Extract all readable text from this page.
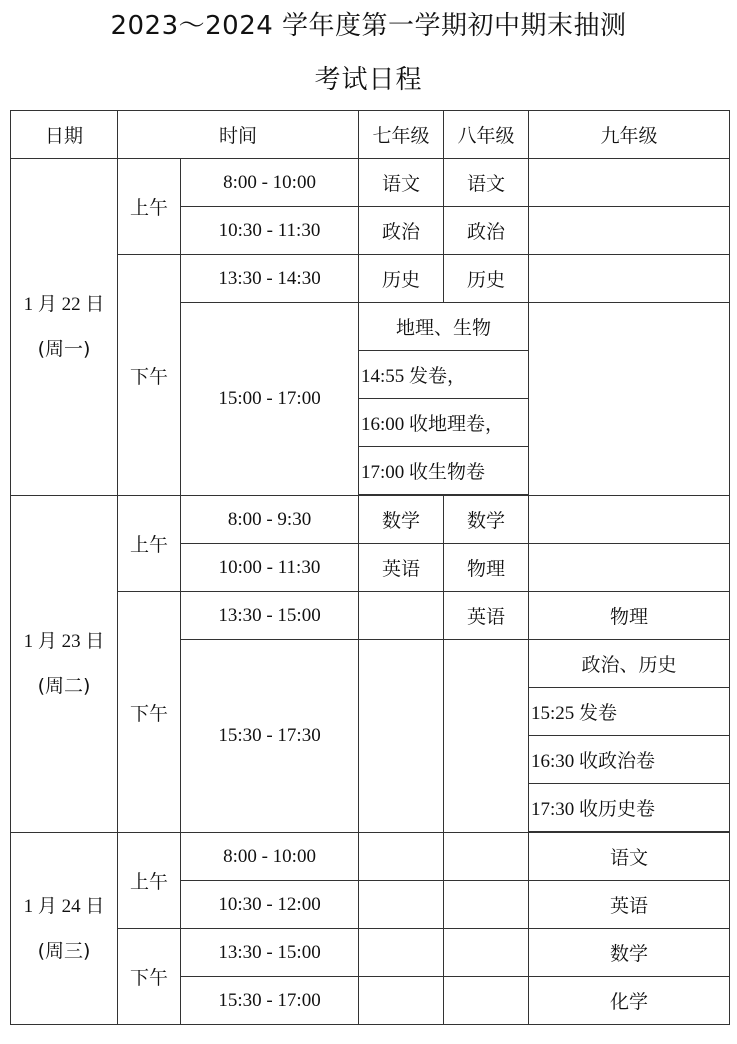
2023～2024 学年度第一学期初中期末抽测
考试日程
日期	时间		七年级	八年级	九年级

1 月 22 日
(周一)	上午	8:00 - 10:00	语文	语文	
		10:30 - 11:30	政治	政治	
	下午	13:30 - 14:30	历史	历史	
		15:00 - 17:00	地理、生物		
			14:55 发卷，		
			16:00 收地理卷，		
			17:00 收生物卷		

1 月 23 日
(周二)	上午	8:00 - 9:30	数学	数学	
		10:00 - 11:30	英语	物理	
	下午	13:30 - 15:00		英语	物理
		15:30 - 17:30			政治、历史
					15:25 发卷
					16:30 收政治卷
					17:30 收历史卷

1 月 24 日
(周三)	上午	8:00 - 10:00			语文
		10:30 - 12:00			英语
	下午	13:30 - 15:00			数学
		15:30 - 17:00			化学
